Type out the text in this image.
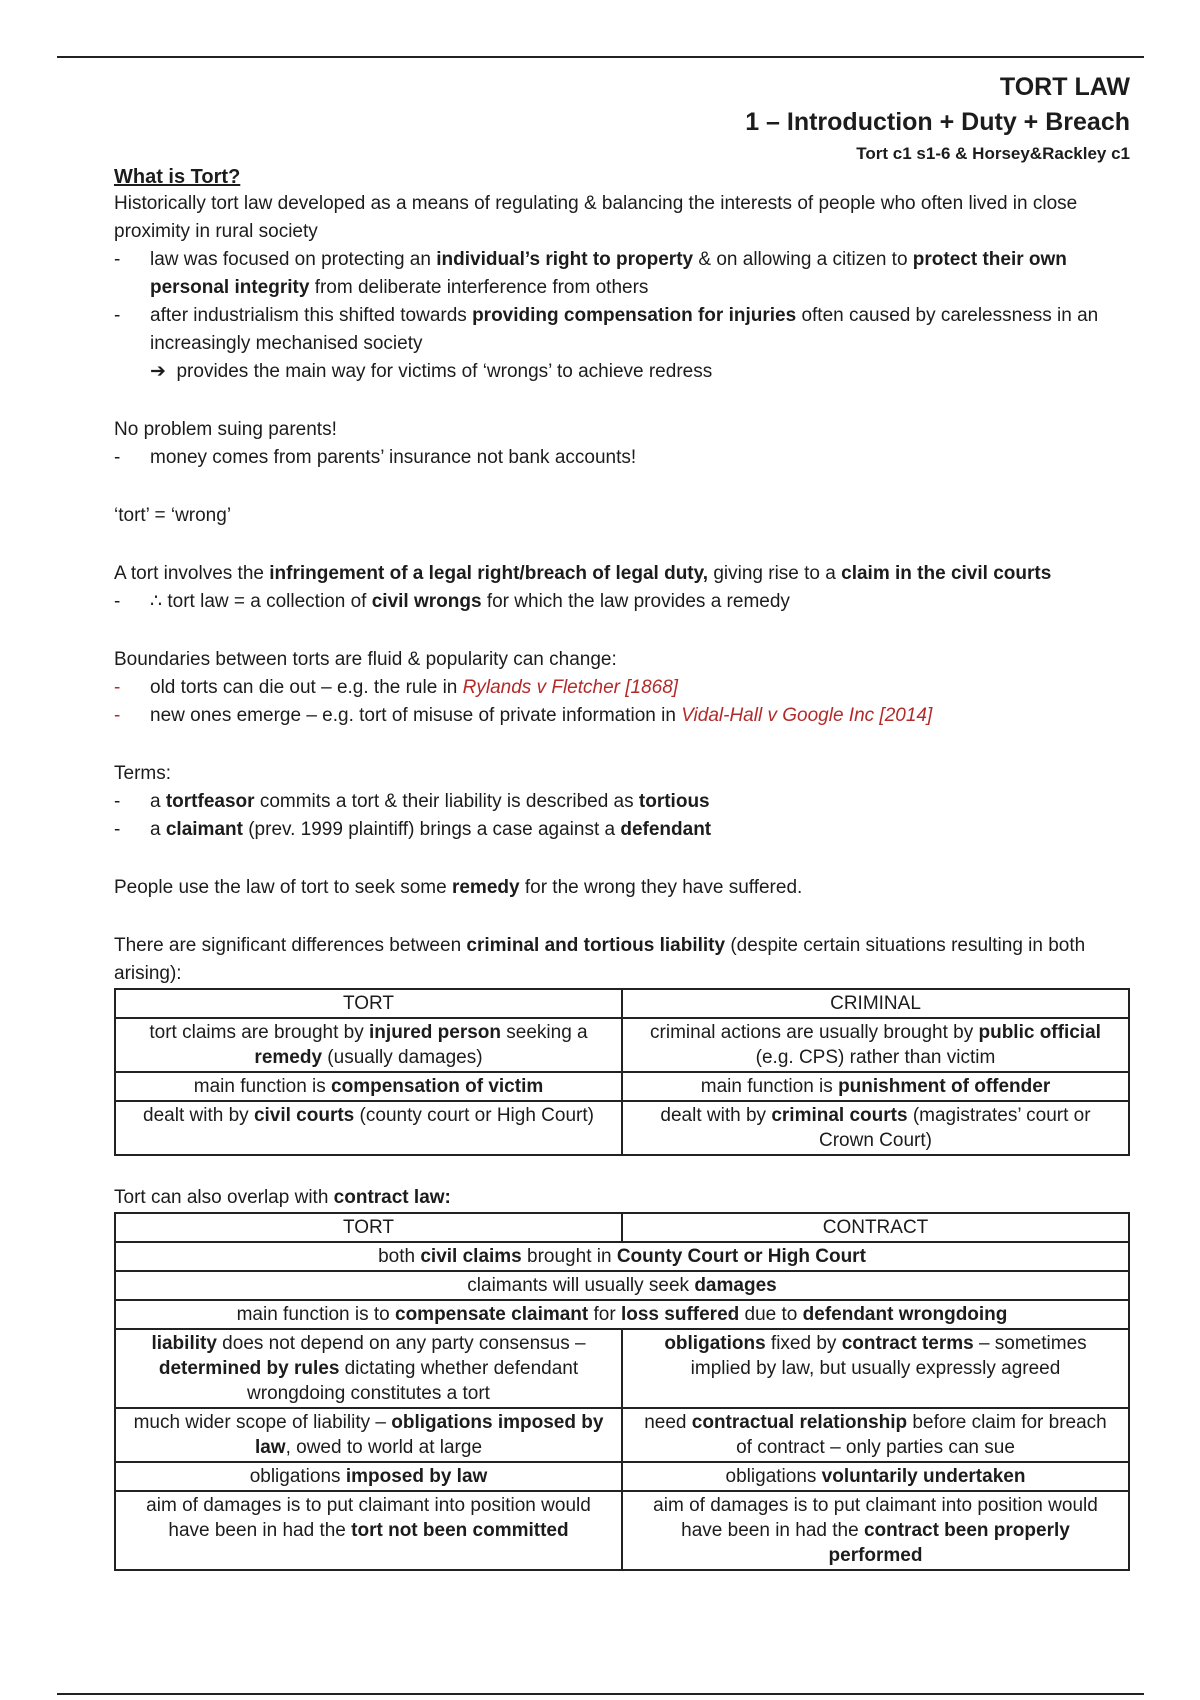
TORT LAW
1 – Introduction + Duty + Breach
Tort c1 s1-6 & Horsey&Rackley c1
What is Tort?

Historically tort law developed as a means of regulating & balancing the interests of people who often lived in close proximity in rural society

- law was focused on protecting an individual’s right to property & on allowing a citizen to protect their own personal integrity from deliberate interference from others
- after industrialism this shifted towards providing compensation for injuries often caused by carelessness in an increasingly mechanised society
➔ provides the main way for victims of ‘wrongs’ to achieve redress

No problem suing parents!

- money comes from parents’ insurance not bank accounts!

‘tort’ = ‘wrong’

A tort involves the infringement of a legal right/breach of legal duty, giving rise to a claim in the civil courts

- ∴ tort law = a collection of civil wrongs for which the law provides a remedy

Boundaries between torts are fluid & popularity can change:

- old torts can die out – e.g. the rule in Rylands v Fletcher [1868]
- new ones emerge – e.g. tort of misuse of private information in Vidal-Hall v Google Inc [2014]

Terms:

- a tortfeasor commits a tort & their liability is described as tortious
- a claimant (prev. 1999 plaintiff) brings a case against a defendant

People use the law of tort to seek some remedy for the wrong they have suffered.

There are significant differences between criminal and tortious liability (despite certain situations resulting in both arising):

TORT	CRIMINAL
tort claims are brought by injured person seeking a remedy (usually damages)	criminal actions are usually brought by public official (e.g. CPS) rather than victim
main function is compensation of victim	main function is punishment of offender
dealt with by civil courts (county court or High Court)	dealt with by criminal courts (magistrates’ court or Crown Court)

Tort can also overlap with contract law:

TORT	CONTRACT
both civil claims brought in County Court or High Court	
claimants will usually seek damages	
main function is to compensate claimant for loss suffered due to defendant wrongdoing	
liability does not depend on any party consensus – determined by rules dictating whether defendant wrongdoing constitutes a tort	obligations fixed by contract terms – sometimes implied by law, but usually expressly agreed
much wider scope of liability – obligations imposed by law, owed to world at large	need contractual relationship before claim for breach of contract – only parties can sue
obligations imposed by law	obligations voluntarily undertaken
aim of damages is to put claimant into position would have been in had the tort not been committed	aim of damages is to put claimant into position would have been in had the contract been properly performed
